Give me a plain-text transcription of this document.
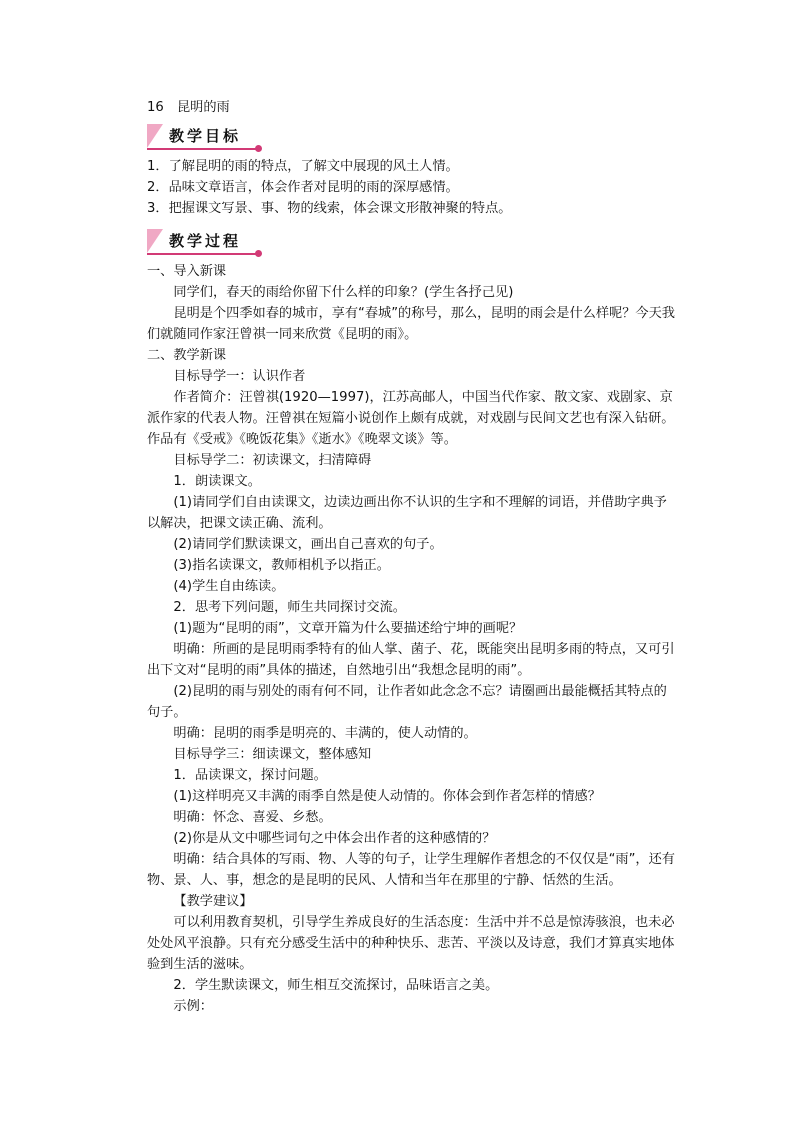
16　昆明的雨

教学目标

1．了解昆明的雨的特点，了解文中展现的风土人情。

2．品味文章语言，体会作者对昆明的雨的深厚感情。

3．把握课文写景、事、物的线索，体会课文形散神聚的特点。

教学过程

一、导入新课

同学们，春天的雨给你留下什么样的印象？(学生各抒己见)

昆明是个四季如春的城市，享有“春城”的称号，那么，昆明的雨会是什么样呢？今天我们就随同作家汪曾祺一同来欣赏《昆明的雨》。

二、教学新课

目标导学一：认识作者

作者简介：汪曾祺(1920—1997)，江苏高邮人，中国当代作家、散文家、戏剧家、京派作家的代表人物。汪曾祺在短篇小说创作上颇有成就，对戏剧与民间文艺也有深入钻研。作品有《受戒》《晚饭花集》《逝水》《晚翠文谈》等。

目标导学二：初读课文，扫清障碍

1．朗读课文。

(1)请同学们自由读课文，边读边画出你不认识的生字和不理解的词语，并借助字典予以解决，把课文读正确、流利。

(2)请同学们默读课文，画出自己喜欢的句子。

(3)指名读课文，教师相机予以指正。

(4)学生自由练读。

2．思考下列问题，师生共同探讨交流。

(1)题为“昆明的雨”，文章开篇为什么要描述给宁坤的画呢？

明确：所画的是昆明雨季特有的仙人掌、菌子、花，既能突出昆明多雨的特点，又可引出下文对“昆明的雨”具体的描述，自然地引出“我想念昆明的雨”。

(2)昆明的雨与别处的雨有何不同，让作者如此念念不忘？请圈画出最能概括其特点的句子。

明确：昆明的雨季是明亮的、丰满的，使人动情的。

目标导学三：细读课文，整体感知

1．品读课文，探讨问题。

(1)这样明亮又丰满的雨季自然是使人动情的。你体会到作者怎样的情感？

明确：怀念、喜爱、乡愁。

(2)你是从文中哪些词句之中体会出作者的这种感情的？

明确：结合具体的写雨、物、人等的句子，让学生理解作者想念的不仅仅是“雨”，还有物、景、人、事，想念的是昆明的民风、人情和当年在那里的宁静、恬然的生活。

【教学建议】

可以利用教育契机，引导学生养成良好的生活态度：生活中并不总是惊涛骇浪，也未必处处风平浪静。只有充分感受生活中的种种快乐、悲苦、平淡以及诗意，我们才算真实地体验到生活的滋味。

2．学生默读课文，师生相互交流探讨，品味语言之美。

示例：
